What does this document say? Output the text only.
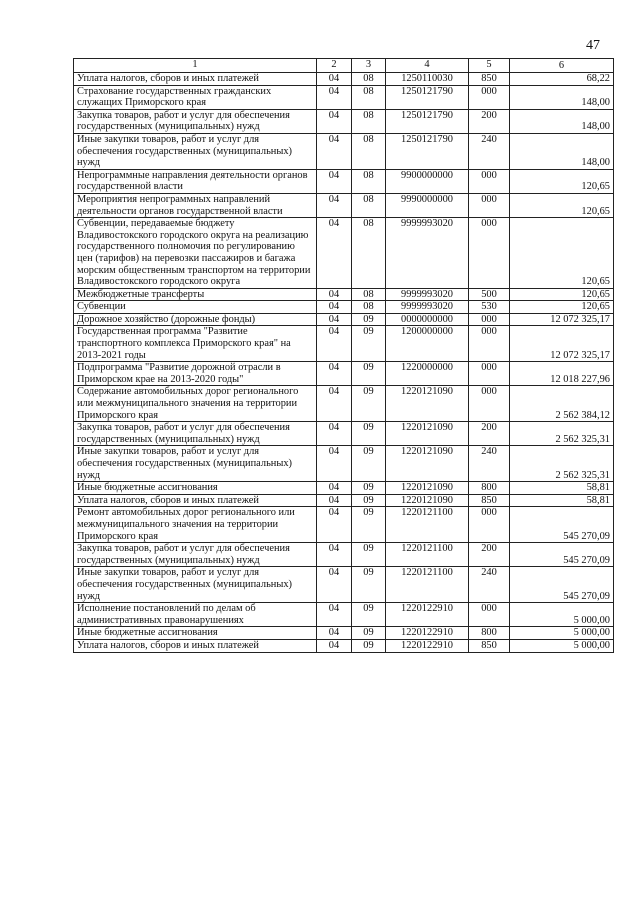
47
1	2	3	4	5	6
Уплата налогов, сборов и иных платежей	04	08	1250110030	850	68,22
Страхование государственных гражданских служащих Приморского края	04	08	1250121790	000	148,00
Закупка товаров, работ и услуг для обеспечения государственных (муниципальных) нужд	04	08	1250121790	200	148,00
Иные закупки товаров, работ и услуг для обеспечения государственных (муниципальных) нужд	04	08	1250121790	240	148,00
Непрограммные направления деятельности органов государственной власти	04	08	9900000000	000	120,65
Мероприятия непрограммных направлений деятельности органов государственной власти	04	08	9990000000	000	120,65
Субвенции, передаваемые бюджету Владивостокского городского округа на реализацию государственного полномочия по регулированию цен (тарифов) на перевозки пассажиров и багажа морским общественным транспортом на территории Владивостокского городского округа	04	08	9999993020	000	120,65
Межбюджетные трансферты	04	08	9999993020	500	120,65
Субвенции	04	08	9999993020	530	120,65
Дорожное хозяйство (дорожные фонды)	04	09	0000000000	000	12 072 325,17
Государственная программа "Развитие транспортного комплекса Приморского края" на 2013-2021 годы	04	09	1200000000	000	12 072 325,17
Подпрограмма "Развитие дорожной отрасли в Приморском крае на 2013-2020 годы"	04	09	1220000000	000	12 018 227,96
Содержание автомобильных дорог регионального или межмуниципального значения на территории Приморского края	04	09	1220121090	000	2 562 384,12
Закупка товаров, работ и услуг для обеспечения государственных (муниципальных) нужд	04	09	1220121090	200	2 562 325,31
Иные закупки товаров, работ и услуг для обеспечения государственных (муниципальных) нужд	04	09	1220121090	240	2 562 325,31
Иные бюджетные ассигнования	04	09	1220121090	800	58,81
Уплата налогов, сборов и иных платежей	04	09	1220121090	850	58,81
Ремонт автомобильных дорог регионального или межмуниципального значения на территории Приморского края	04	09	1220121100	000	545 270,09
Закупка товаров, работ и услуг для обеспечения государственных (муниципальных) нужд	04	09	1220121100	200	545 270,09
Иные закупки товаров, работ и услуг для обеспечения государственных (муниципальных) нужд	04	09	1220121100	240	545 270,09
Исполнение постановлений по делам об административных правонарушениях	04	09	1220122910	000	5 000,00
Иные бюджетные ассигнования	04	09	1220122910	800	5 000,00
Уплата налогов, сборов и иных платежей	04	09	1220122910	850	5 000,00
